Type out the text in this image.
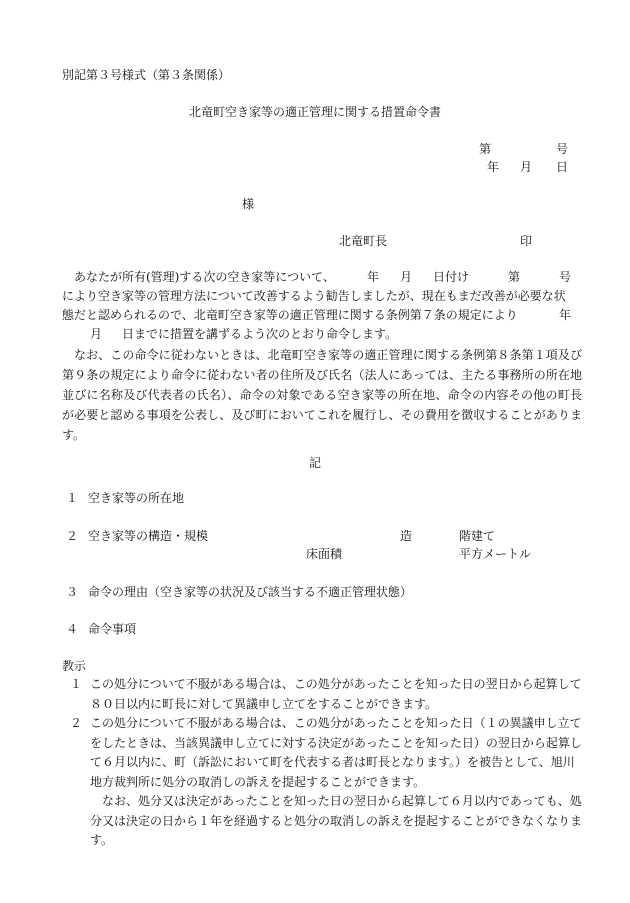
別記第３号様式（第３条関係）
北竜町空き家等の適正管理に関する措置命令書
第	号
年 月 日
様
北竜町長	印
あなたが所有(管理)する次の空き家等について、	年 月 日付け	第	号
により空き家等の管理方法について改善するよう勧告しましたが、現在もまだ改善が必要な状
態だと認められるので、北竜町空き家等の適正管理に関する条例第７条の規定により	年
月 日までに措置を講ずるよう次のとおり命令します。

なお、この命令に従わないときは、北竜町空き家等の適正管理に関する条例第８条第１項及び第９条の規定により命令に従わない者の住所及び氏名（法人にあっては、主たる事務所の所在地並びに名称及び代表者の氏名）、命令の対象である空き家等の所在地、命令の内容その他の町長が必要と認める事項を公表し、及び町においてこれを履行し、その費用を徴収することがあります。

記
１ 空き家等の所在地
２ 空き家等の構造・規模	造	階建て
床面積	平方メートル
３ 命令の理由（空き家等の状況及び該当する不適正管理状態）
４ 命令事項
教示
１ この処分について不服がある場合は、この処分があったことを知った日の翌日から起算して８０日以内に町長に対して異議申し立てをすることができます。
２ この処分について不服がある場合は、この処分があったことを知った日（１の異議申し立てをしたときは、当該異議申し立てに対する決定があったことを知った日）の翌日から起算して６月以内に、町（訴訟において町を代表する者は町長となります。）を被告として、旭川地方裁判所に処分の取消しの訴えを提起することができます。
なお、処分又は決定があったことを知った日の翌日から起算して６月以内であっても、処分又は決定の日から１年を経過すると処分の取消しの訴えを提起することができなくなります。
